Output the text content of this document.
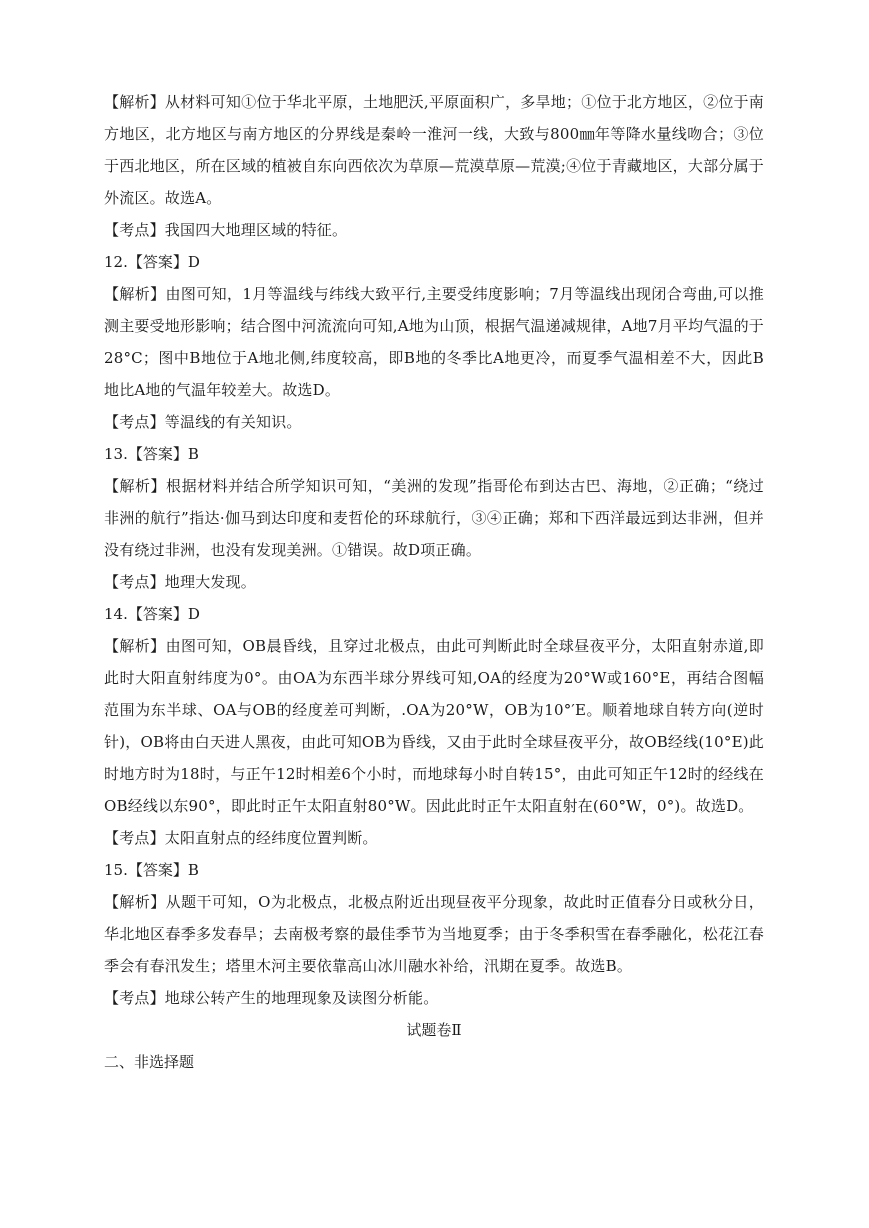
【解析】从材料可知①位于华北平原，土地肥沃,平原面积广，多旱地；①位于北方地区，②位于南方地区，北方地区与南方地区的分界线是秦岭一淮河一线，大致与800㎜年等降水量线吻合；③位于西北地区，所在区域的植被自东向西依次为草原—荒漠草原—荒漠;④位于青藏地区，大部分属于外流区。故选A。

【考点】我国四大地理区域的特征。

12.【答案】D

【解析】由图可知，1月等温线与纬线大致平行,主要受纬度影响；7月等温线出现闭合弯曲,可以推测主要受地形影响；结合图中河流流向可知,A地为山顶，根据气温递减规律，A地7月平均气温的于28°C；图中B地位于A地北侧,纬度较高，即B地的冬季比A地更冷，而夏季气温相差不大，因此B地比A地的气温年较差大。故选D。

【考点】等温线的有关知识。

13.【答案】B

【解析】根据材料并结合所学知识可知，“美洲的发现”指哥伦布到达古巴、海地，②正确；“绕过非洲的航行”指达·伽马到达印度和麦哲伦的环球航行，③④正确；郑和下西洋最远到达非洲，但并没有绕过非洲，也没有发现美洲。①错误。故D项正确。

【考点】地理大发现。

14.【答案】D

【解析】由图可知，OB晨昏线，且穿过北极点，由此可判断此时全球昼夜平分，太阳直射赤道,即此时大阳直射纬度为0°。由OA为东西半球分界线可知,OA的经度为20°W或160°E，再结合图幅范围为东半球、OA与OB的经度差可判断，.OA为20°W，OB为10°′E。顺着地球自转方向(逆时针)，OB将由白天进人黑夜，由此可知OB为昏线，又由于此时全球昼夜平分，故OB经线(10°E)此时地方时为18时，与正午12时相差6个小时，而地球每小时自转15°，由此可知正午12时的经线在OB经线以东90°，即此时正午太阳直射80°W。因此此时正午太阳直射在(60°W，0°)。故选D。

【考点】太阳直射点的经纬度位置判断。

15.【答案】B

【解析】从题干可知，O为北极点，北极点附近出现昼夜平分现象，故此时正值春分日或秋分日，华北地区春季多发春旱；去南极考察的最佳季节为当地夏季；由于冬季积雪在春季融化，松花江春季会有春汛发生；塔里木河主要依靠高山冰川融水补给，汛期在夏季。故选B。

【考点】地球公转产生的地理现象及读图分析能。

试题卷Ⅱ

二、非选择题
